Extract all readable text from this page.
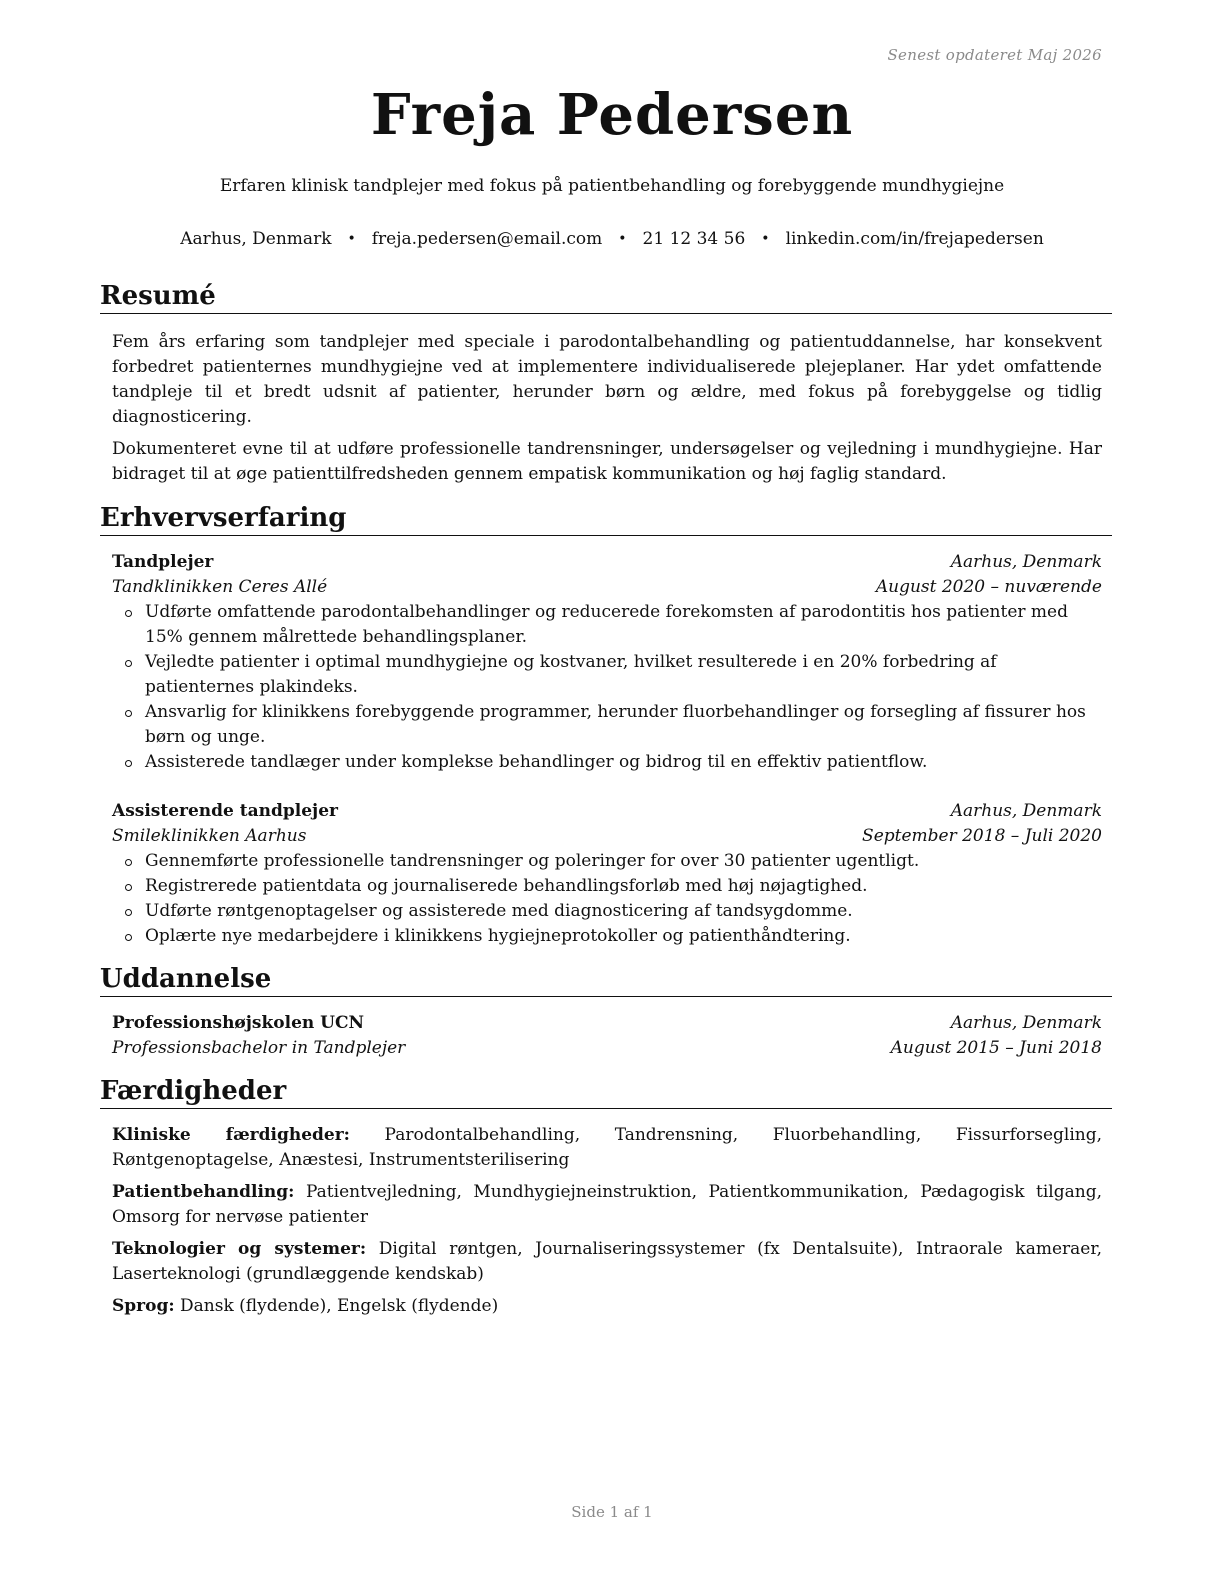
Senest opdateret Maj 2026
Freja Pedersen
Erfaren klinisk tandplejer med fokus på patientbehandling og forebyggende mundhygiejne
Aarhus, Denmark • freja.pedersen@email.com • 21 12 34 56 • linkedin.com/in/frejapedersen
Resumé

Fem års erfaring som tandplejer med speciale i parodontalbehandling og patientuddannelse, har konsekvent forbedret patienternes mundhygiejne ved at implementere individualiserede plejeplaner. Har ydet omfattende tandpleje til et bredt udsnit af patienter, herunder børn og ældre, med fokus på forebyggelse og tidlig diagnosticering.

Dokumenteret evne til at udføre professionelle tandrensninger, undersøgelser og vejledning i mundhygiejne. Har bidraget til at øge patienttilfredsheden gennem empatisk kommunikation og høj faglig standard.

Erhvervserfaring
Tandplejer	Aarhus, Denmark
Tandklinikken Ceres Allé	August 2020 – nuværende
Udførte omfattende parodontalbehandlinger og reducerede forekomsten af parodontitis hos patienter med 15% gennem målrettede behandlingsplaner.
Vejledte patienter i optimal mundhygiejne og kostvaner, hvilket resulterede i en 20% forbedring af patienternes plakindeks.
Ansvarlig for klinikkens forebyggende programmer, herunder fluorbehandlinger og forsegling af fissurer hos børn og unge.
Assisterede tandlæger under komplekse behandlinger og bidrog til en effektiv patientflow.
Assisterende tandplejer	Aarhus, Denmark
Smileklinikken Aarhus	September 2018 – Juli 2020
Gennemførte professionelle tandrensninger og poleringer for over 30 patienter ugentligt.
Registrerede patientdata og journaliserede behandlingsforløb med høj nøjagtighed.
Udførte røntgenoptagelser og assisterede med diagnosticering af tandsygdomme.
Oplærte nye medarbejdere i klinikkens hygiejneprotokoller og patienthåndtering.
Uddannelse
Professionshøjskolen UCN	Aarhus, Denmark
Professionsbachelor in Tandplejer	August 2015 – Juni 2018
Færdigheder
Kliniske færdigheder: Parodontalbehandling, Tandrensning, Fluorbehandling, Fissurforsegling, Røntgenoptagelse, Anæstesi, Instrumentsterilisering
Patientbehandling: Patientvejledning, Mundhygiejneinstruktion, Patientkommunikation, Pædagogisk tilgang, Omsorg for nervøse patienter
Teknologier og systemer: Digital røntgen, Journaliseringssystemer (fx Dentalsuite), Intraorale kameraer, Laserteknologi (grundlæggende kendskab)
Sprog: Dansk (flydende), Engelsk (flydende)
Side 1 af 1
